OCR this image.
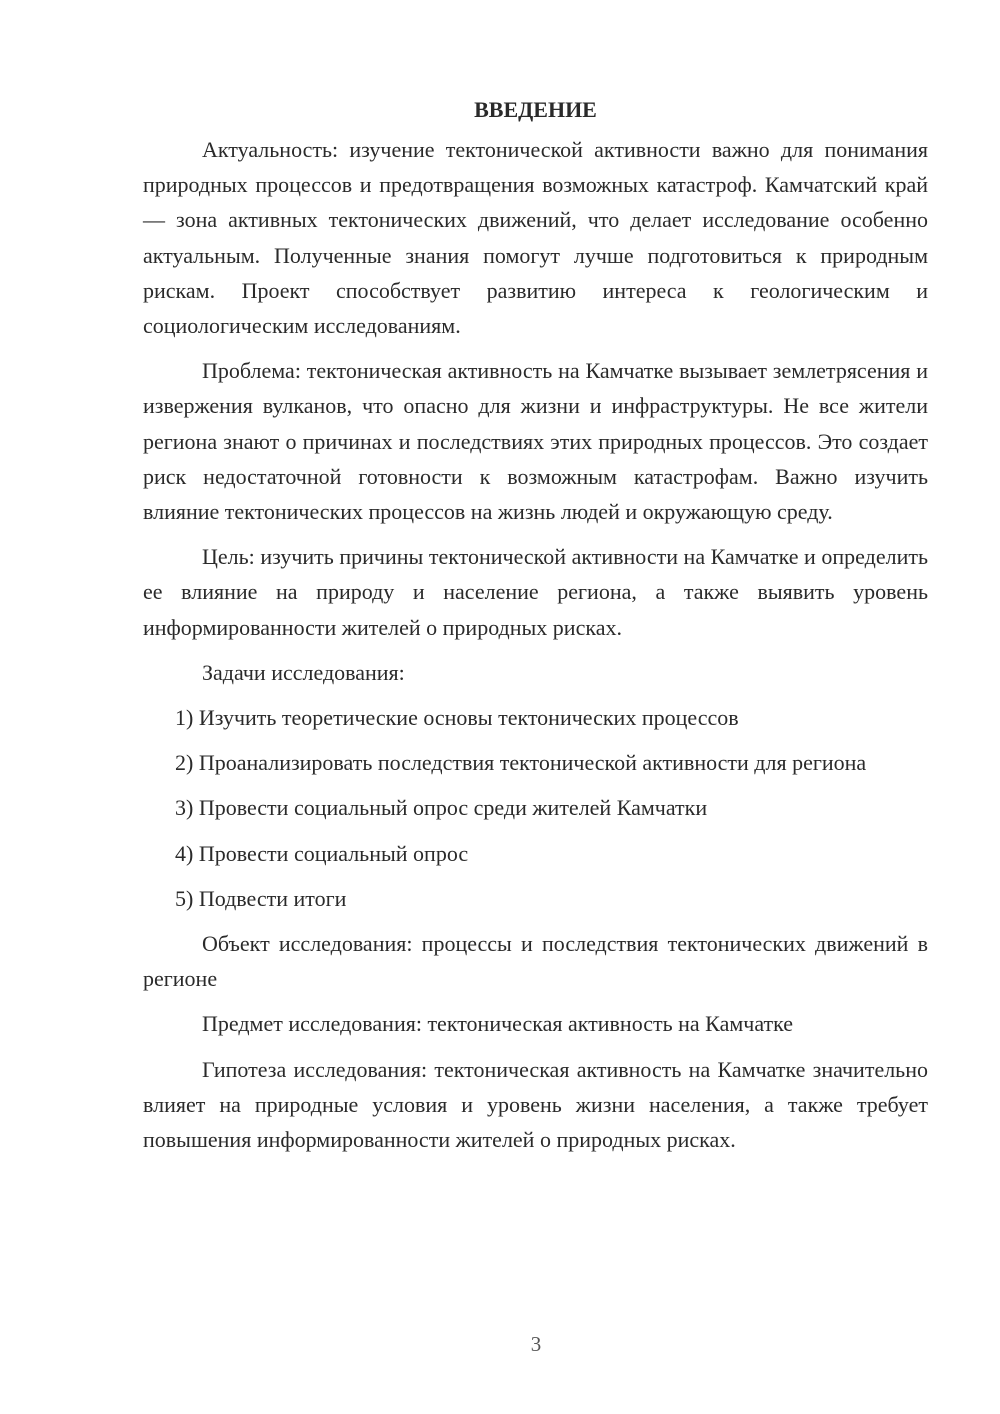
ВВЕДЕНИЕ

Актуальность: изучение тектонической активности важно для понимания природных процессов и предотвращения возможных катастроф. Камчатский край — зона активных тектонических движений, что делает исследование особенно актуальным. Полученные знания помогут лучше подготовиться к природным рискам. Проект способствует развитию интереса к геологическим и социологическим исследованиям.

Проблема: тектоническая активность на Камчатке вызывает землетрясения и извержения вулканов, что опасно для жизни и инфраструктуры. Не все жители региона знают о причинах и последствиях этих природных процессов. Это создает риск недостаточной готовности к возможным катастрофам. Важно изучить влияние тектонических процессов на жизнь людей и окружающую среду.

Цель: изучить причины тектонической активности на Камчатке и определить ее влияние на природу и население региона, а также выявить уровень информированности жителей о природных рисках.

Задачи исследования:

1) Изучить теоретические основы тектонических процессов

2) Проанализировать последствия тектонической активности для региона

3) Провести социальный опрос среди жителей Камчатки

4) Провести социальный опрос

5) Подвести итоги

Объект исследования: процессы и последствия тектонических движений в регионе

Предмет исследования: тектоническая активность на Камчатке

Гипотеза исследования: тектоническая активность на Камчатке значительно влияет на природные условия и уровень жизни населения, а также требует повышения информированности жителей о природных рисках.

3
